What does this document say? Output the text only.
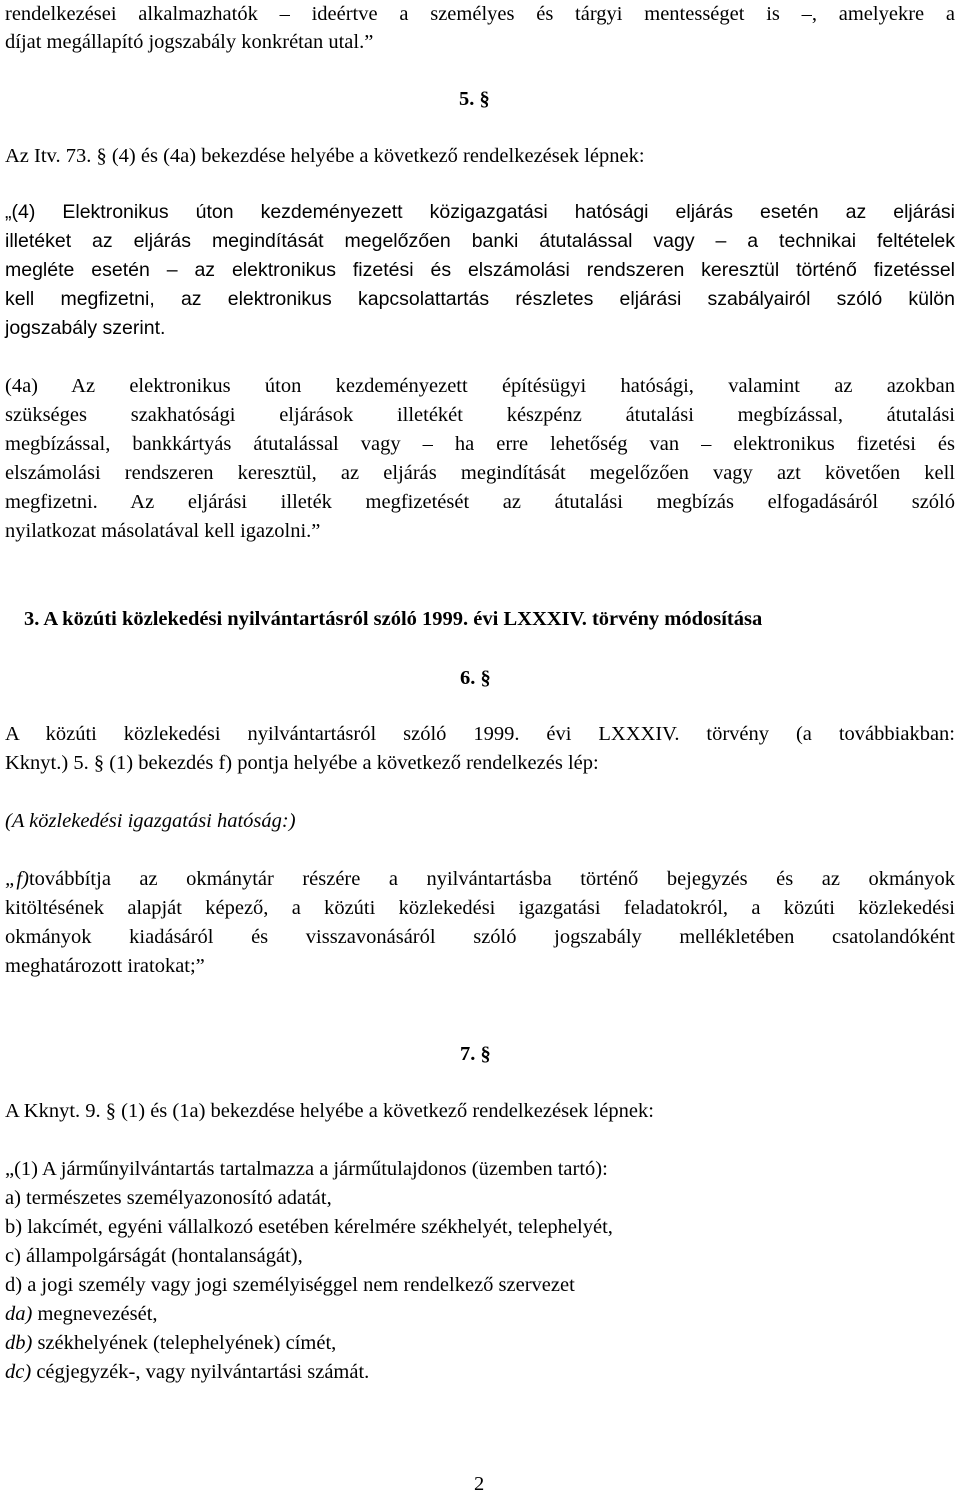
rendelkezései alkalmazhatók – ideértve a személyes és tárgyi mentességet is –, amelyekre a
díjat megállapító jogszabály konkrétan utal.”
5. §
Az Itv. 73. § (4) és (4a) bekezdése helyébe a következő rendelkezések lépnek:
„(4) Elektronikus úton kezdeményezett közigazgatási hatósági eljárás esetén az eljárási
illetéket az eljárás megindítását megelőzően banki átutalással vagy – a technikai feltételek
megléte esetén – az elektronikus fizetési és elszámolási rendszeren keresztül történő fizetéssel
kell megfizetni, az elektronikus kapcsolattartás részletes eljárási szabályairól szóló külön
jogszabály szerint.
(4a) Az elektronikus úton kezdeményezett építésügyi hatósági, valamint az azokban
szükséges szakhatósági eljárások illetékét készpénz átutalási megbízással, átutalási
megbízással, bankkártyás átutalással vagy – ha erre lehetőség van – elektronikus fizetési és
elszámolási rendszeren keresztül, az eljárás megindítását megelőzően vagy azt követően kell
megfizetni. Az eljárási illeték megfizetését az átutalási megbízás elfogadásáról szóló
nyilatkozat másolatával kell igazolni.”
3. A közúti közlekedési nyilvántartásról szóló 1999. évi LXXXIV. törvény módosítása
6. §
A közúti közlekedési nyilvántartásról szóló 1999. évi LXXXIV. törvény (a továbbiakban:
Kknyt.) 5. § (1) bekezdés f) pontja helyébe a következő rendelkezés lép:
(A közlekedési igazgatási hatóság:)
„f) továbbítja az okmánytár részére a nyilvántartásba történő bejegyzés és az okmányok
kitöltésének alapját képező, a közúti közlekedési igazgatási feladatokról, a közúti közlekedési
okmányok kiadásáról és visszavonásáról szóló jogszabály mellékletében csatolandóként
meghatározott iratokat;”
7. §
A Kknyt. 9. § (1) és (1a) bekezdése helyébe a következő rendelkezések lépnek:
„(1) A járműnyilvántartás tartalmazza a járműtulajdonos (üzemben tartó):
a) természetes személyazonosító adatát,
b) lakcímét, egyéni vállalkozó esetében kérelmére székhelyét, telephelyét,
c) állampolgárságát (hontalanságát),
d) a jogi személy vagy jogi személyiséggel nem rendelkező szervezet
da) megnevezését,
db) székhelyének (telephelyének) címét,
dc) cégjegyzék-, vagy nyilvántartási számát.
2
